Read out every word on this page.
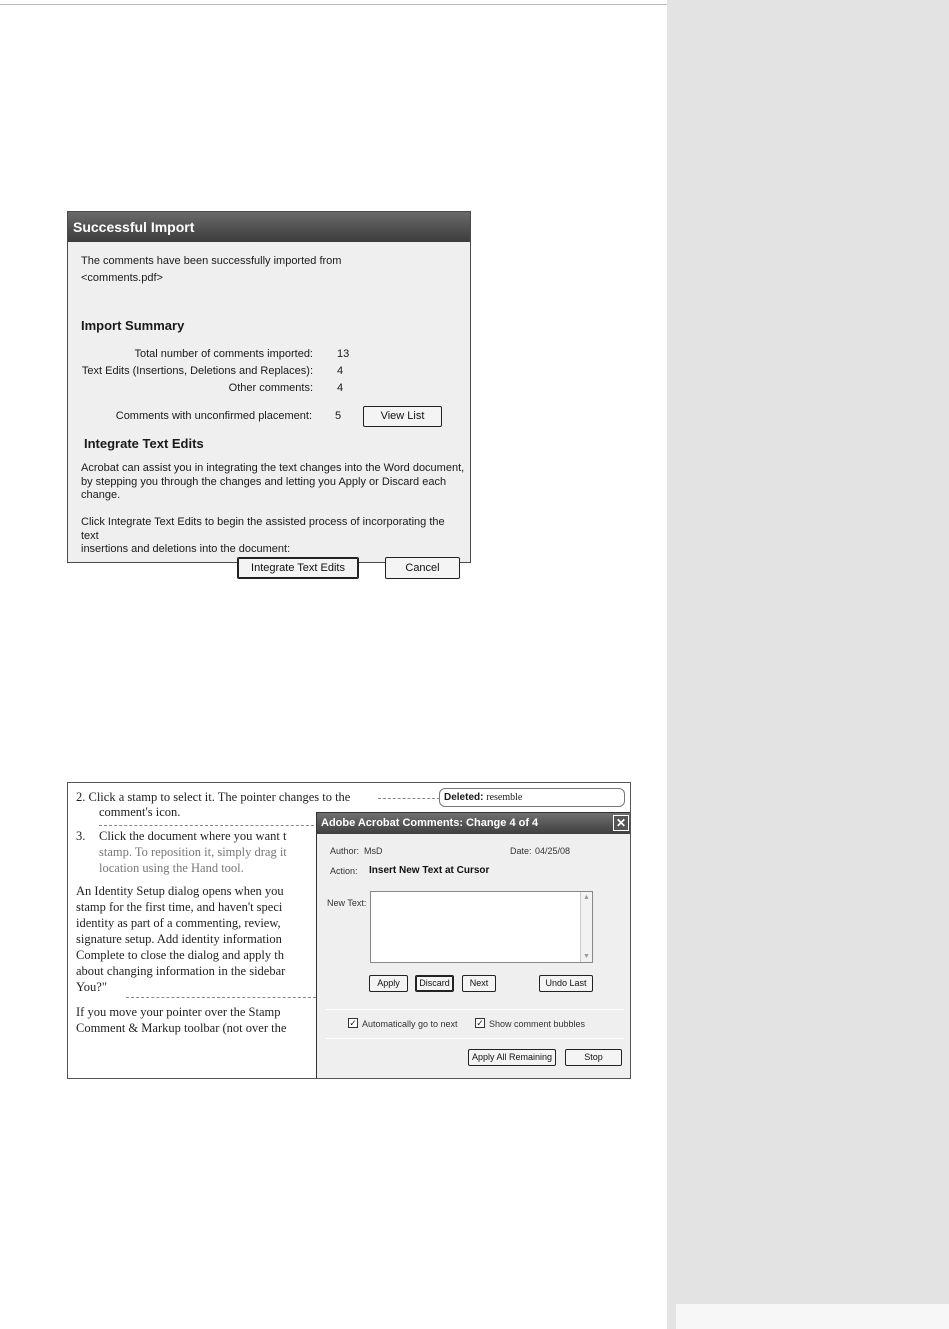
Successful Import
The comments have been successfully imported from
<comments.pdf>
Import Summary
Total number of comments imported: 13
Text Edits (Insertions, Deletions and Replaces): 4
Other comments: 4
Comments with unconfirmed placement: 5	View List
Integrate Text Edits
Acrobat can assist you in integrating the text changes into the Word document,
by stepping you through the changes and letting you Apply or Discard each
change.
Click Integrate Text Edits to begin the assisted process of incorporating the text
insertions and deletions into the document:
Integrate Text Edits	Cancel
2. Click a stamp to select it. The pointer changes to the
comment's icon.
3. Click the document where you want t
stamp. To reposition it, simply drag it
location using the Hand tool.
An Identity Setup dialog opens when you
stamp for the first time, and haven't speci
identity as part of a commenting, review,
signature setup. Add identity information
Complete to close the dialog and apply th
about changing information in the sidebar
You?"
If you move your pointer over the Stamp
Comment & Markup toolbar (not over the
Deleted: resemble
Adobe Acrobat Comments: Change 4 of 4	✕
Author: MsD	Date: 04/25/08
Action: Insert New Text at Cursor
New Text:
▲
▼
Apply	Discard	Next	Undo Last
✓ Automatically go to next ✓ Show comment bubbles
Apply All Remaining	Stop
